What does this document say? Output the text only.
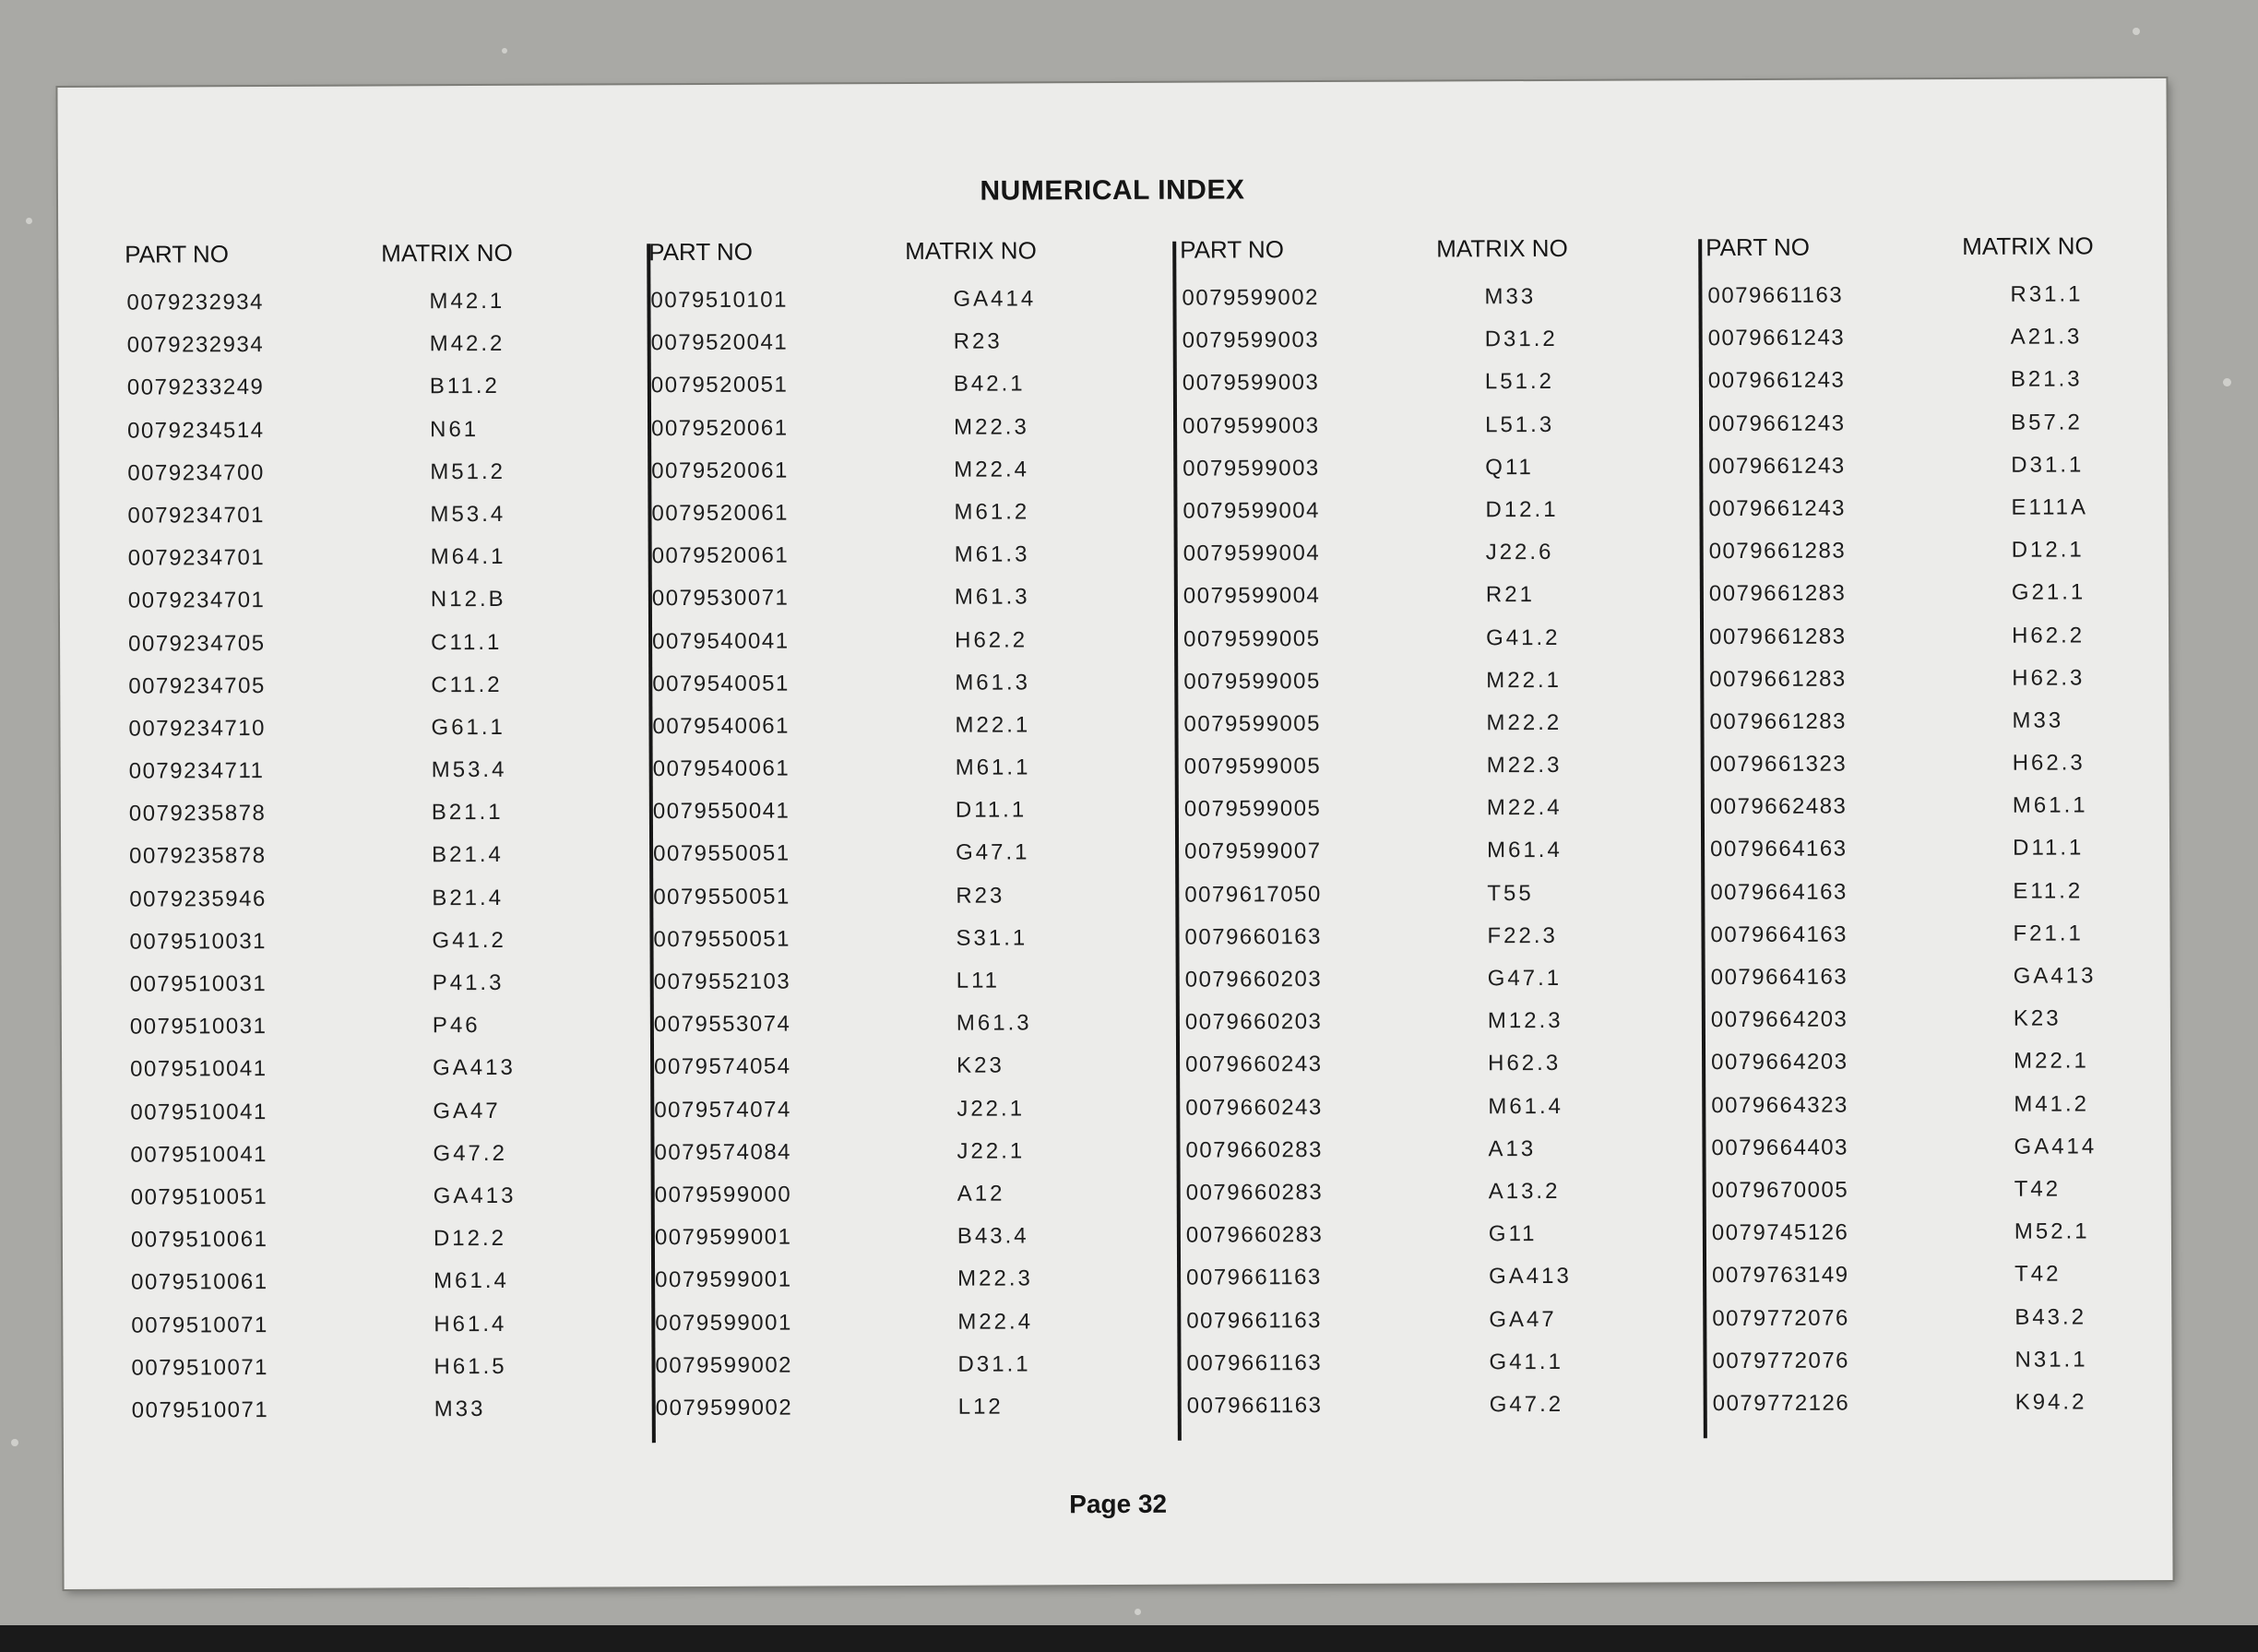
NUMERICAL INDEX
PART NO	MATRIX NO
0079232934	M42.1
0079232934	M42.2
0079233249	B11.2
0079234514	N61
0079234700	M51.2
0079234701	M53.4
0079234701	M64.1
0079234701	N12.B
0079234705	C11.1
0079234705	C11.2
0079234710	G61.1
0079234711	M53.4
0079235878	B21.1
0079235878	B21.4
0079235946	B21.4
0079510031	G41.2
0079510031	P41.3
0079510031	P46
0079510041	GA413
0079510041	GA47
0079510041	G47.2
0079510051	GA413
0079510061	D12.2
0079510061	M61.4
0079510071	H61.4
0079510071	H61.5
0079510071	M33
PART NO	MATRIX NO
0079510101	GA414
0079520041	R23
0079520051	B42.1
0079520061	M22.3
0079520061	M22.4
0079520061	M61.2
0079520061	M61.3
0079530071	M61.3
0079540041	H62.2
0079540051	M61.3
0079540061	M22.1
0079540061	M61.1
0079550041	D11.1
0079550051	G47.1
0079550051	R23
0079550051	S31.1
0079552103	L11
0079553074	M61.3
0079574054	K23
0079574074	J22.1
0079574084	J22.1
0079599000	A12
0079599001	B43.4
0079599001	M22.3
0079599001	M22.4
0079599002	D31.1
0079599002	L12
PART NO	MATRIX NO
0079599002	M33
0079599003	D31.2
0079599003	L51.2
0079599003	L51.3
0079599003	Q11
0079599004	D12.1
0079599004	J22.6
0079599004	R21
0079599005	G41.2
0079599005	M22.1
0079599005	M22.2
0079599005	M22.3
0079599005	M22.4
0079599007	M61.4
0079617050	T55
0079660163	F22.3
0079660203	G47.1
0079660203	M12.3
0079660243	H62.3
0079660243	M61.4
0079660283	A13
0079660283	A13.2
0079660283	G11
0079661163	GA413
0079661163	GA47
0079661163	G41.1
0079661163	G47.2
PART NO	MATRIX NO
0079661163	R31.1
0079661243	A21.3
0079661243	B21.3
0079661243	B57.2
0079661243	D31.1
0079661243	E111A
0079661283	D12.1
0079661283	G21.1
0079661283	H62.2
0079661283	H62.3
0079661283	M33
0079661323	H62.3
0079662483	M61.1
0079664163	D11.1
0079664163	E11.2
0079664163	F21.1
0079664163	GA413
0079664203	K23
0079664203	M22.1
0079664323	M41.2
0079664403	GA414
0079670005	T42
0079745126	M52.1
0079763149	T42
0079772076	B43.2
0079772076	N31.1
0079772126	K94.2
Page 32
